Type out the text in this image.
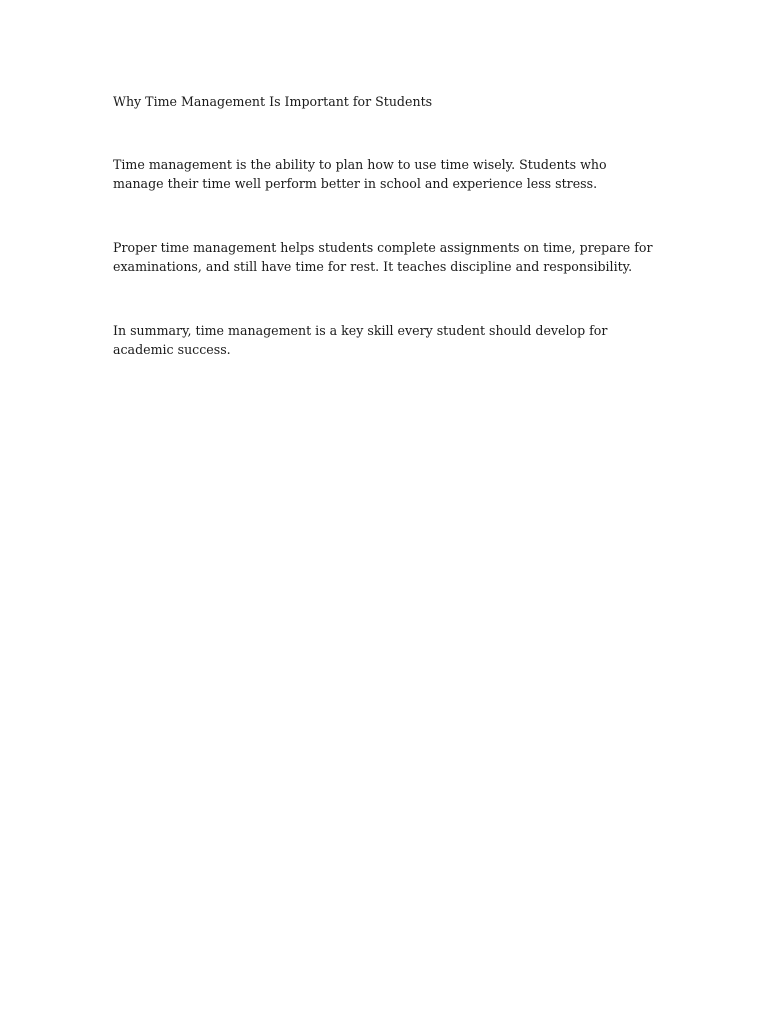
Why Time Management Is Important for Students

Time management is the ability to plan how to use time wisely. Students who manage their time well perform better in school and experience less stress.

Proper time management helps students complete assignments on time, prepare for examinations, and still have time for rest. It teaches discipline and responsibility.

In summary, time management is a key skill every student should develop for academic success.
